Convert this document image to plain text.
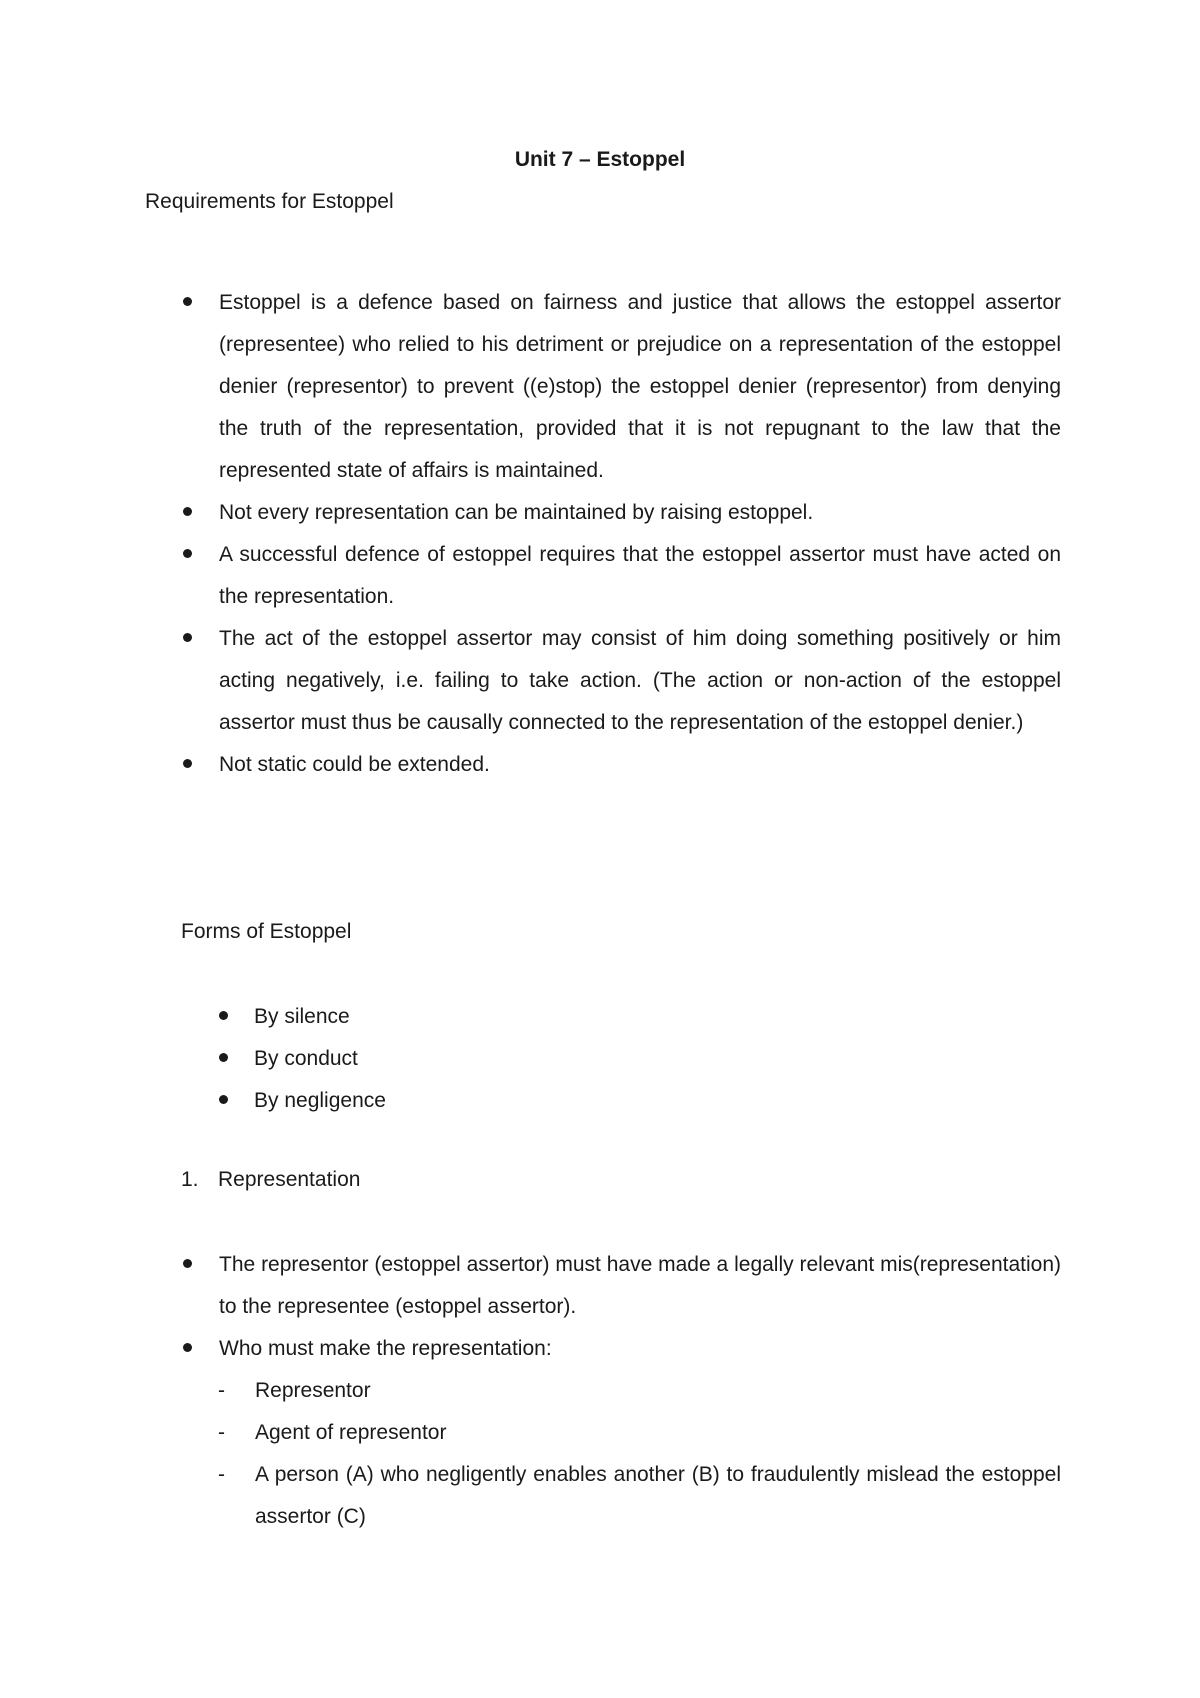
Unit 7 – Estoppel
Requirements for Estoppel
Estoppel is a defence based on fairness and justice that allows the estoppel assertor (representee) who relied to his detriment or prejudice on a representation of the estoppel denier (representor) to prevent ((e)stop) the estoppel denier (representor) from denying the truth of the representation, provided that it is not repugnant to the law that the represented state of affairs is maintained.
Not every representation can be maintained by raising estoppel.
A successful defence of estoppel requires that the estoppel assertor must have acted on the representation.
The act of the estoppel assertor may consist of him doing something positively or him acting negatively, i.e. failing to take action. (The action or non-action of the estoppel assertor must thus be causally connected to the representation of the estoppel denier.)
Not static could be extended.
Forms of Estoppel
By silence
By conduct
By negligence
1. Representation
The representor (estoppel assertor) must have made a legally relevant mis(representation) to the representee (estoppel assertor).
Who must make the representation:
- Representor
- Agent of representor
- A person (A) who negligently enables another (B) to fraudulently mislead the estoppel assertor (C)
